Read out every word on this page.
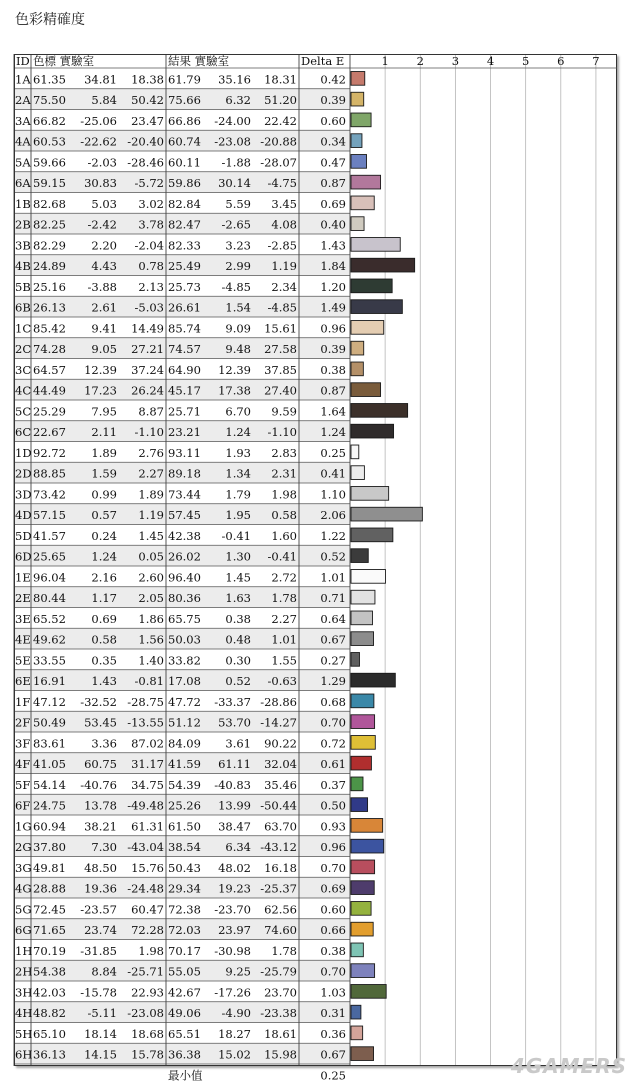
色彩精確度
1 2 3 4 5 6 7
ID 色標 實驗室	結果 實驗室	Delta E
1A 61.35 34.81 18.38 61.79 35.16 18.31 0.42
2A 75.50 5.84 50.42 75.66 6.32 51.20 0.39
3A 66.82 -25.06 23.47 66.86 -24.00 22.42 0.60
4A 60.53 -22.62 -20.40 60.74 -23.08 -20.88 0.34
5A 59.66 -2.03 -28.46 60.11 -1.88 -28.07 0.47
6A 59.15 30.83 -5.72 59.86 30.14 -4.75 0.87
1B 82.68 5.03 3.02 82.84 5.59 3.45 0.69
2B 82.25 -2.42 3.78 82.47 -2.65 4.08 0.40
3B 82.29 2.20 -2.04 82.33 3.23 -2.85 1.43
4B 24.89 4.43 0.78 25.49 2.99 1.19 1.84
5B 25.16 -3.88 2.13 25.73 -4.85 2.34 1.20
6B 26.13 2.61 -5.03 26.61 1.54 -4.85 1.49
1C 85.42 9.41 14.49 85.74 9.09 15.61 0.96
2C 74.28 9.05 27.21 74.57 9.48 27.58 0.39
3C 64.57 12.39 37.24 64.90 12.39 37.85 0.38
4C 44.49 17.23 26.24 45.17 17.38 27.40 0.87
5C 25.29 7.95 8.87 25.71 6.70 9.59 1.64
6C 22.67 2.11 -1.10 23.21 1.24 -1.10 1.24
1D 92.72 1.89 2.76 93.11 1.93 2.83 0.25
2D 88.85 1.59 2.27 89.18 1.34 2.31 0.41
3D 73.42 0.99 1.89 73.44 1.79 1.98 1.10
4D 57.15 0.57 1.19 57.45 1.95 0.58 2.06
5D 41.57 0.24 1.45 42.38 -0.41 1.60 1.22
6D 25.65 1.24 0.05 26.02 1.30 -0.41 0.52
1E 96.04 2.16 2.60 96.40 1.45 2.72 1.01
2E 80.44 1.17 2.05 80.36 1.63 1.78 0.71
3E 65.52 0.69 1.86 65.75 0.38 2.27 0.64
4E 49.62 0.58 1.56 50.03 0.48 1.01 0.67
5E 33.55 0.35 1.40 33.82 0.30 1.55 0.27
6E 16.91 1.43 -0.81 17.08 0.52 -0.63 1.29
1F 47.12 -32.52 -28.75 47.72 -33.37 -28.86 0.68
2F 50.49 53.45 -13.55 51.12 53.70 -14.27 0.70
3F 83.61 3.36 87.02 84.09 3.61 90.22 0.72
4F 41.05 60.75 31.17 41.59 61.11 32.04 0.61
5F 54.14 -40.76 34.75 54.39 -40.83 35.46 0.37
6F 24.75 13.78 -49.48 25.26 13.99 -50.44 0.50
1G 60.94 38.21 61.31 61.50 38.47 63.70 0.93
2G 37.80 7.30 -43.04 38.54 6.34 -43.12 0.96
3G 49.81 48.50 15.76 50.43 48.02 16.18 0.70
4G 28.88 19.36 -24.48 29.34 19.23 -25.37 0.69
5G 72.45 -23.57 60.47 72.38 -23.70 62.56 0.60
6G 71.65 23.74 72.28 72.03 23.97 74.60 0.66
1H 70.19 -31.85 1.98 70.17 -30.98 1.78 0.38
2H 54.38 8.84 -25.71 55.05 9.25 -25.79 0.70
3H 42.03 -15.78 22.93 42.67 -17.26 23.70 1.03
4H 48.82 -5.11 -23.08 49.06 -4.90 -23.38 0.31
5H 65.10 18.14 18.68 65.51 18.27 18.61 0.36
6H 36.13 14.15 15.78 36.38 15.02 15.98 0.67
最小值	0.25	4GAMERS
